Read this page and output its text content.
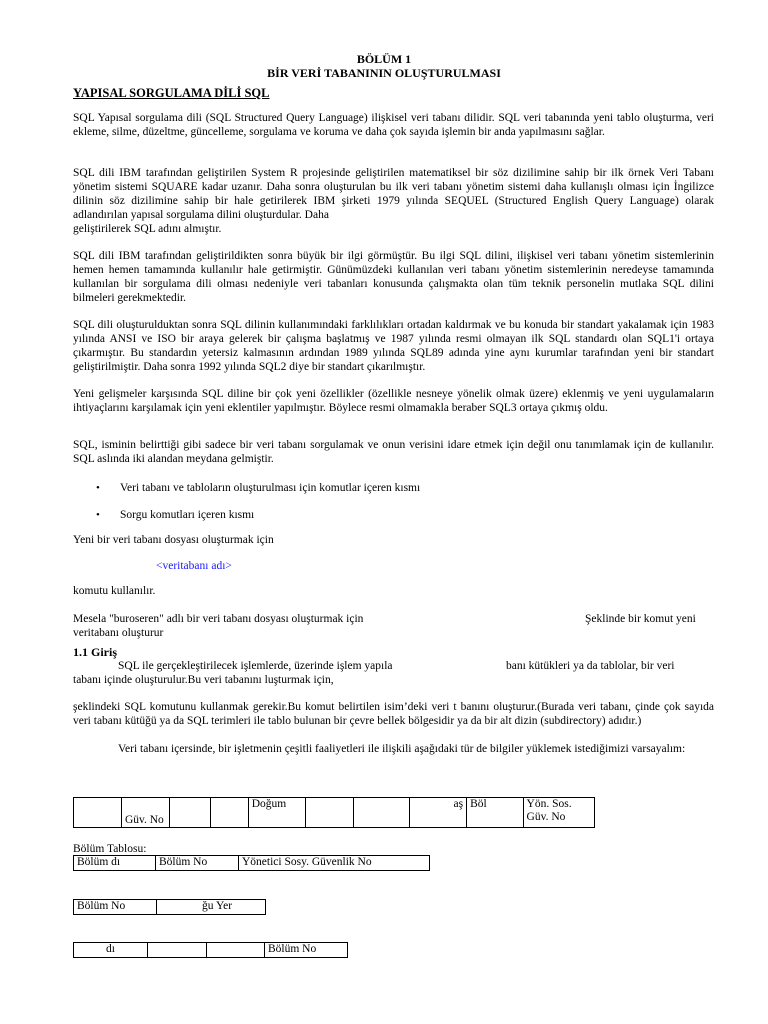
BÖLÜM 1
BİR VERİ TABANININ OLUŞTURULMASI
YAPISAL SORGULAMA DİLİ SQL
SQL Yapısal sorgulama dili (SQL Structured Query Language) ilişkisel veri tabanı dilidir. SQL veri tabanında yeni tablo oluşturma, veri ekleme, silme, düzeltme, güncelleme, sorgulama ve koruma ve daha çok sayıda işlemin bir anda yapılmasını sağlar.
SQL dili IBM tarafından geliştirilen System R projesinde geliştirilen matematiksel bir söz dizilimine sahip bir ilk örnek Veri Tabanı yönetim sistemi SQUARE kadar uzanır. Daha sonra oluşturulan bu ilk veri tabanı yönetim sistemi daha kullanışlı olması için İngilizce dilinin söz dizilimine sahip bir hale getirilerek IBM şirketi 1979 yılında SEQUEL (Structured English Query Language) olarak adlandırılan yapısal sorgulama dilini oluşturdular. Daha
geliştirilerek SQL adını almıştır.
SQL dili IBM tarafından geliştirildikten sonra büyük bir ilgi görmüştür. Bu ilgi SQL dilini, ilişkisel veri tabanı yönetim sistemlerinin hemen hemen tamamında kullanılır hale getirmiştir. Günümüzdeki kullanılan veri tabanı yönetim sistemlerinin neredeyse tamamında kullanılan bir sorgulama dili olması nedeniyle veri tabanları konusunda çalışmakta olan tüm teknik personelin mutlaka SQL dilini bilmeleri gerekmektedir.
SQL dili oluşturulduktan sonra SQL dilinin kullanımındaki farklılıkları ortadan kaldırmak ve bu konuda bir standart yakalamak için 1983 yılında ANSI ve ISO bir araya gelerek bir çalışma başlatmış ve 1987 yılında resmi olmayan ilk SQL standardı olan SQL1'i ortaya çıkarmıştır. Bu standardın yetersiz kalmasının ardından 1989 yılında SQL89 adında yine aynı kurumlar tarafından yeni bir standart geliştirilmiştir. Daha sonra 1992 yılında SQL2 diye bir standart çıkarılmıştır.
Yeni gelişmeler karşısında SQL diline bir çok yeni özellikler (özellikle nesneye yönelik olmak üzere) eklenmiş ve yeni uygulamaların ihtiyaçlarını karşılamak için yeni eklentiler yapılmıştır. Böylece resmi olmamakla beraber SQL3 ortaya çıkmış oldu.
SQL, isminin belirttiği gibi sadece bir veri tabanı sorgulamak ve onun verisini idare etmek için değil onu tanımlamak için de kullanılır. SQL aslında iki alandan meydana gelmiştir.
• Veri tabanı ve tabloların oluşturulması için komutlar içeren kısmı
• Sorgu komutları içeren kısmı
Yeni bir veri tabanı dosyası oluşturmak için
<veritabanı adı>
komutu kullanılır.
Mesela "buroseren" adlı bir veri tabanı dosyası oluşturmak için	Şeklinde bir komut yeni
veritabanı oluşturur
1.1 Giriş
SQL ile gerçekleştirilecek işlemlerde, üzerinde işlem yapıla	banı kütükleri ya da tablolar, bir veri
tabanı içinde oluşturulur.Bu veri tabanını luşturmak için,
şeklindeki SQL komutunu kullanmak gerekir.Bu komut belirtilen isim’deki veri t banını oluşturur.(Burada veri tabanı, çinde çok sayıda veri tabanı kütüğü ya da SQL terimleri ile tablo bulunan bir çevre bellek bölgesidir ya da bir alt dizin (subdirectory) adıdır.)
Veri tabanı içersinde, bir işletmenin çeşitli faaliyetleri ile ilişkili aşağıdaki tür de bilgiler yüklemek istediğimizi varsayalım:
	Güv. No			Doğum			aş	Böl	Yön. Sos. Güv. No
Bölüm Tablosu:
Bölüm dı	Bölüm No	Yönetici Sosy. Güvenlik No
Bölüm No	ğu Yer
dı			Bölüm No
